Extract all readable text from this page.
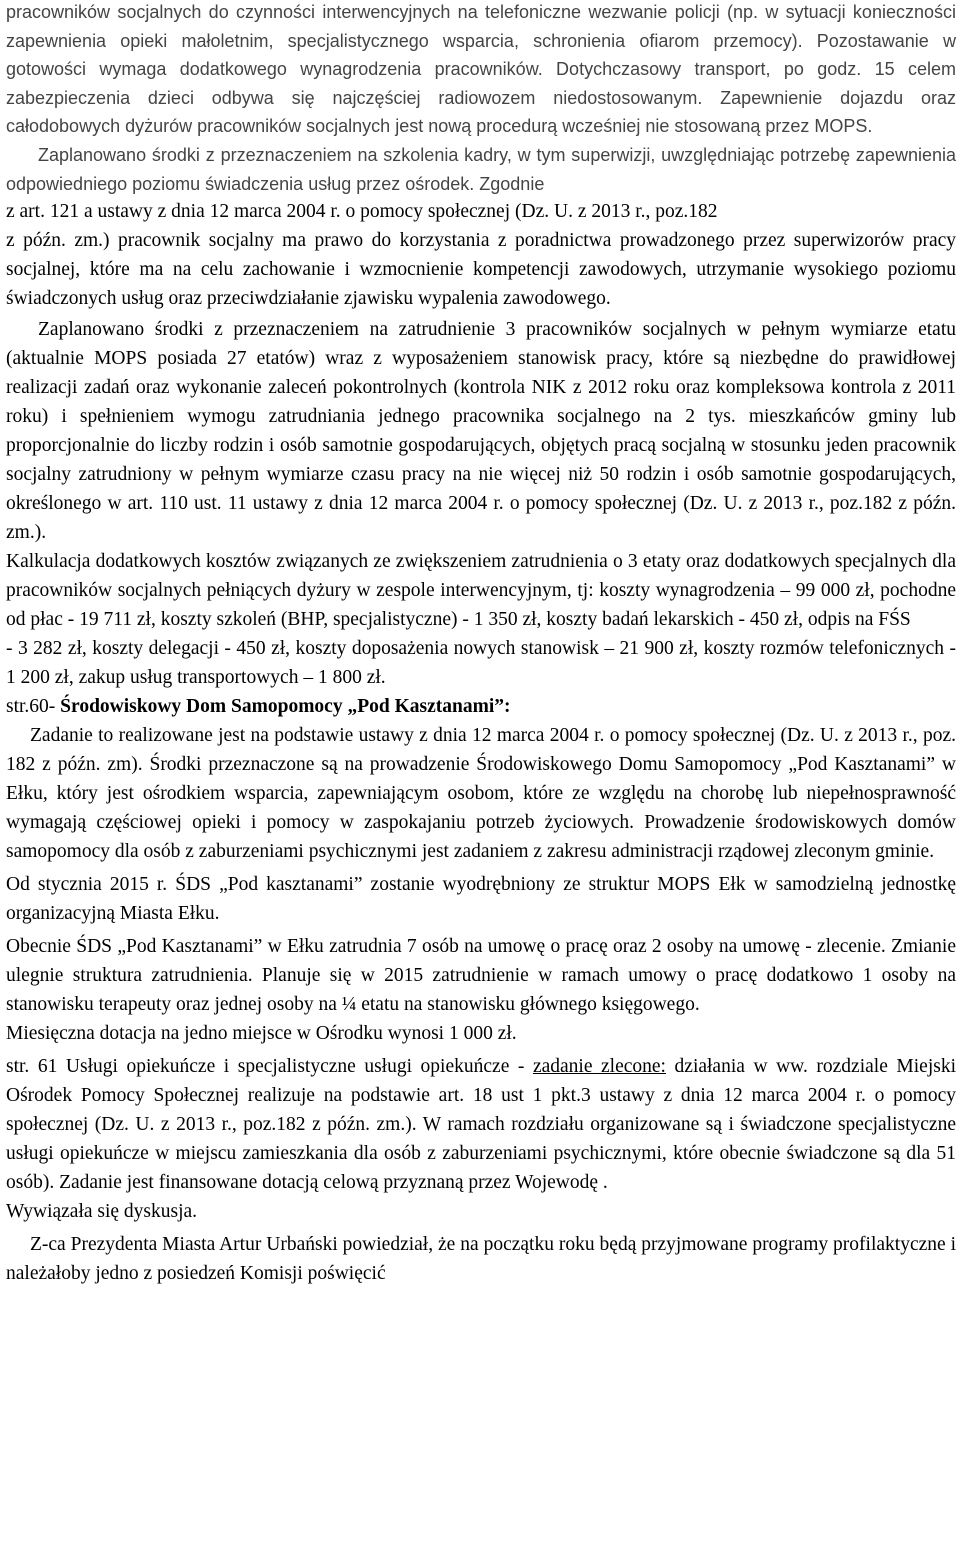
pracowników socjalnych do czynności interwencyjnych na telefoniczne wezwanie policji (np. w sytuacji konieczności zapewnienia opieki małoletnim, specjalistycznego wsparcia, schronienia ofiarom przemocy). Pozostawanie w gotowości wymaga dodatkowego wynagrodzenia pracowników. Dotychczasowy transport, po godz. 15 celem zabezpieczenia dzieci odbywa się najczęściej radiowozem niedostosowanym. Zapewnienie dojazdu oraz całodobowych dyżurów pracowników socjalnych jest nową procedurą wcześniej nie stosowaną przez MOPS.
Zaplanowano środki z przeznaczeniem na szkolenia kadry, w tym superwizji, uwzględniając potrzebę zapewnienia odpowiedniego poziomu świadczenia usług przez ośrodek. Zgodnie
z art. 121 a ustawy z dnia 12 marca 2004 r. o pomocy społecznej (Dz. U. z 2013 r., poz.182
z późn. zm.) pracownik socjalny ma prawo do korzystania z poradnictwa prowadzonego przez superwizorów pracy socjalnej, które ma na celu zachowanie i wzmocnienie kompetencji zawodowych, utrzymanie wysokiego poziomu świadczonych usług oraz przeciwdziałanie zjawisku wypalenia zawodowego.
Zaplanowano środki z przeznaczeniem na zatrudnienie 3 pracowników socjalnych w pełnym wymiarze etatu (aktualnie MOPS posiada 27 etatów) wraz z wyposażeniem stanowisk pracy, które są niezbędne do prawidłowej realizacji zadań oraz wykonanie zaleceń pokontrolnych (kontrola NIK z 2012 roku oraz kompleksowa kontrola z 2011 roku) i spełnieniem wymogu zatrudniania jednego pracownika socjalnego na 2 tys. mieszkańców gminy lub proporcjonalnie do liczby rodzin i osób samotnie gospodarujących, objętych pracą socjalną w stosunku jeden pracownik socjalny zatrudniony w pełnym wymiarze czasu pracy na nie więcej niż 50 rodzin i osób samotnie gospodarujących, określonego w art. 110 ust. 11 ustawy z dnia 12 marca 2004 r. o pomocy społecznej (Dz. U. z 2013 r., poz.182 z późn. zm.).
Kalkulacja dodatkowych kosztów związanych ze zwiększeniem zatrudnienia o 3 etaty oraz dodatkowych specjalnych dla pracowników socjalnych pełniących dyżury w zespole interwencyjnym, tj: koszty wynagrodzenia – 99 000 zł, pochodne od płac - 19 711 zł, koszty szkoleń (BHP, specjalistyczne) - 1 350 zł, koszty badań lekarskich - 450 zł, odpis na FŚS
- 3 282 zł, koszty delegacji - 450 zł, koszty doposażenia nowych stanowisk – 21 900 zł, koszty rozmów telefonicznych - 1 200 zł, zakup usług transportowych – 1 800 zł.
str.60- Środowiskowy Dom Samopomocy „Pod Kasztanami”:
Zadanie to realizowane jest na podstawie ustawy z dnia 12 marca 2004 r. o pomocy społecznej (Dz. U. z 2013 r., poz. 182 z późn. zm). Środki przeznaczone są na prowadzenie Środowiskowego Domu Samopomocy „Pod Kasztanami” w Ełku, który jest ośrodkiem wsparcia, zapewniającym osobom, które ze względu na chorobę lub niepełnosprawność wymagają częściowej opieki i pomocy w zaspokajaniu potrzeb życiowych. Prowadzenie środowiskowych domów samopomocy dla osób z zaburzeniami psychicznymi jest zadaniem z zakresu administracji rządowej zleconym gminie.
Od stycznia 2015 r. ŚDS „Pod kasztanami” zostanie wyodrębniony ze struktur MOPS Ełk w samodzielną jednostkę organizacyjną Miasta Ełku.
Obecnie ŚDS „Pod Kasztanami” w Ełku zatrudnia 7 osób na umowę o pracę oraz 2 osoby na umowę - zlecenie. Zmianie ulegnie struktura zatrudnienia. Planuje się w 2015 zatrudnienie w ramach umowy o pracę dodatkowo 1 osoby na stanowisku terapeuty oraz jednej osoby na ¼ etatu na stanowisku głównego księgowego.
Miesięczna dotacja na jedno miejsce w Ośrodku wynosi 1 000 zł.
str. 61 Usługi opiekuńcze i specjalistyczne usługi opiekuńcze - zadanie zlecone: działania w ww. rozdziale Miejski Ośrodek Pomocy Społecznej realizuje na podstawie art. 18 ust 1 pkt.3 ustawy z dnia 12 marca 2004 r. o pomocy społecznej (Dz. U. z 2013 r., poz.182 z późn. zm.). W ramach rozdziału organizowane są i świadczone specjalistyczne usługi opiekuńcze w miejscu zamieszkania dla osób z zaburzeniami psychicznymi, które obecnie świadczone są dla 51 osób). Zadanie jest finansowane dotacją celową przyznaną przez Wojewodę .
Wywiązała się dyskusja.
Z-ca Prezydenta Miasta Artur Urbański powiedział, że na początku roku będą przyjmowane programy profilaktyczne i należałoby jedno z posiedzeń Komisji poświęcić
